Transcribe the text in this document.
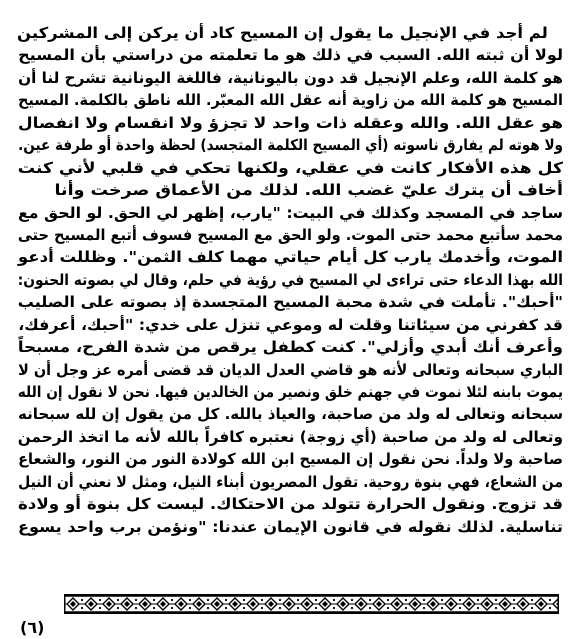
لم أجد في الإنجيل ما يقول إن المسيح كاد أن يركن إلى المشركين
لولا أن ثبته الله. السبب في ذلك هو ما تعلمته من دراستي بأن المسيح
هو كلمة الله، وعلم الإنجيل قد دون باليونانية، فاللغة اليونانية تشرح لنا أن
المسيح هو كلمة الله من زاوية أنه عقل الله المعبّر. الله ناطق بالكلمة. المسيح
هو عقل الله. والله وعقله ذات واحد لا تجزؤ ولا انقسام ولا انفصال
ولا هوته لم يفارق ناسوته (أي المسيح الكلمة المتجسد) لحظة واحدة أو طرفة عين.
كل هذه الأفكار كانت في عقلي، ولكنها تحكي في قلبي لأني كنت
أخاف أن يترك عليّ غضب الله. لذلك من الأعماق صرخت وأنا
ساجد في المسجد وكذلك في البيت: "يارب، إظهر لي الحق. لو الحق مع
محمد سأتبع محمد حتى الموت. ولو الحق مع المسيح فسوف أتبع المسيح حتى
الموت، وأخدمك يارب كل أيام حياتي مهما كلف الثمن". وظللت أدعو
الله بهذا الدعاء حتى تراءى لي المسيح في رؤية في حلم، وقال لي بصوته الحنون:
"أحبك". تأملت في شدة محبة المسيح المتجسدة إذ بصوته على الصليب
قد كفرني من سيئاتنا وقلت له وموعي تنزل على خدي: "أحبك، أعرفك،
وأعرف أنك أبدي وأزلي". كنت كطفل يرقص من شدة الفرح، مسبحاً
الباري سبحانه وتعالى لأنه هو قاضي العدل الديان قد قضى أمره عز وجل أن لا
يموت بابنه لئلا نموت في جهنم خلق ونصير من الخالدين فيها. نحن لا نقول إن الله
سبحانه وتعالى له ولد من صاحبة، والعياذ بالله. كل من يقول إن لله سبحانه
وتعالى له ولد من صاحبة (أي زوجة) نعتبره كافراً بالله لأنه ما اتخذ الرحمن
صاحبة ولا ولداً. نحن نقول إن المسيح ابن الله كولادة النور من النور، والشعاع
من الشعاع، فهي بنوة روحية. تقول المصريون أبناء النيل، ومثل لا نعني أن النيل
قد تزوج. ونقول الحرارة تتولد من الاحتكاك. ليست كل بنوة أو ولادة
تناسلية. لذلك نقوله في قانون الإيمان عندنا: "ونؤمن برب واحد يسوع
(٦)
